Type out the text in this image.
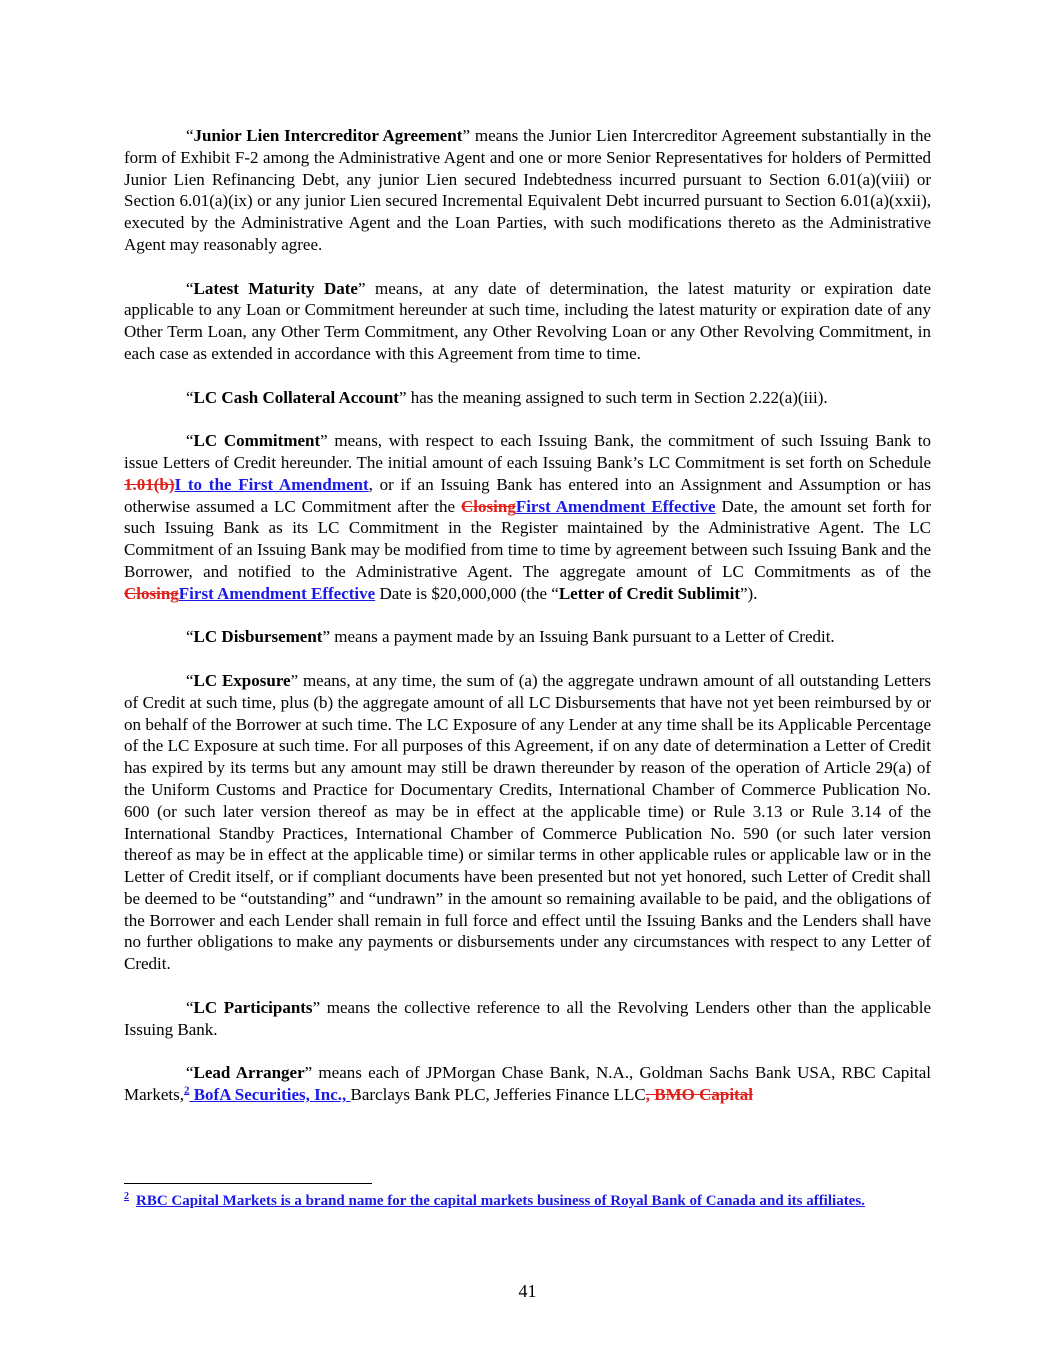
“Junior Lien Intercreditor Agreement” means the Junior Lien Intercreditor Agreement substantially in the form of Exhibit F-2 among the Administrative Agent and one or more Senior Representatives for holders of Permitted Junior Lien Refinancing Debt, any junior Lien secured Indebtedness incurred pursuant to Section 6.01(a)(viii) or Section 6.01(a)(ix) or any junior Lien secured Incremental Equivalent Debt incurred pursuant to Section 6.01(a)(xxii), executed by the Administrative Agent and the Loan Parties, with such modifications thereto as the Administrative Agent may reasonably agree.

“Latest Maturity Date” means, at any date of determination, the latest maturity or expiration date applicable to any Loan or Commitment hereunder at such time, including the latest maturity or expiration date of any Other Term Loan, any Other Term Commitment, any Other Revolving Loan or any Other Revolving Commitment, in each case as extended in accordance with this Agreement from time to time.

“LC Cash Collateral Account” has the meaning assigned to such term in Section 2.22(a)(iii).

“LC Commitment” means, with respect to each Issuing Bank, the commitment of such Issuing Bank to issue Letters of Credit hereunder. The initial amount of each Issuing Bank’s LC Commitment is set forth on Schedule 1.01(b)I to the First Amendment, or if an Issuing Bank has entered into an Assignment and Assumption or has otherwise assumed a LC Commitment after the ClosingFirst Amendment Effective Date, the amount set forth for such Issuing Bank as its LC Commitment in the Register maintained by the Administrative Agent. The LC Commitment of an Issuing Bank may be modified from time to time by agreement between such Issuing Bank and the Borrower, and notified to the Administrative Agent. The aggregate amount of LC Commitments as of the ClosingFirst Amendment Effective Date is $20,000,000 (the “Letter of Credit Sublimit”).

“LC Disbursement” means a payment made by an Issuing Bank pursuant to a Letter of Credit.

“LC Exposure” means, at any time, the sum of (a) the aggregate undrawn amount of all outstanding Letters of Credit at such time, plus (b) the aggregate amount of all LC Disbursements that have not yet been reimbursed by or on behalf of the Borrower at such time. The LC Exposure of any Lender at any time shall be its Applicable Percentage of the LC Exposure at such time. For all purposes of this Agreement, if on any date of determination a Letter of Credit has expired by its terms but any amount may still be drawn thereunder by reason of the operation of Article 29(a) of the Uniform Customs and Practice for Documentary Credits, International Chamber of Commerce Publication No. 600 (or such later version thereof as may be in effect at the applicable time) or Rule 3.13 or Rule 3.14 of the International Standby Practices, International Chamber of Commerce Publication No. 590 (or such later version thereof as may be in effect at the applicable time) or similar terms in other applicable rules or applicable law or in the Letter of Credit itself, or if compliant documents have been presented but not yet honored, such Letter of Credit shall be deemed to be “outstanding” and “undrawn” in the amount so remaining available to be paid, and the obligations of the Borrower and each Lender shall remain in full force and effect until the Issuing Banks and the Lenders shall have no further obligations to make any payments or disbursements under any circumstances with respect to any Letter of Credit.

“LC Participants” means the collective reference to all the Revolving Lenders other than the applicable Issuing Bank.

“Lead Arranger” means each of JPMorgan Chase Bank, N.A., Goldman Sachs Bank USA, RBC Capital Markets,$^2$ BofA Securities, Inc., Barclays Bank PLC, Jefferies Finance LLC, BMO Capital

2 RBC Capital Markets is a brand name for the capital markets business of Royal Bank of Canada and its affiliates.
41
